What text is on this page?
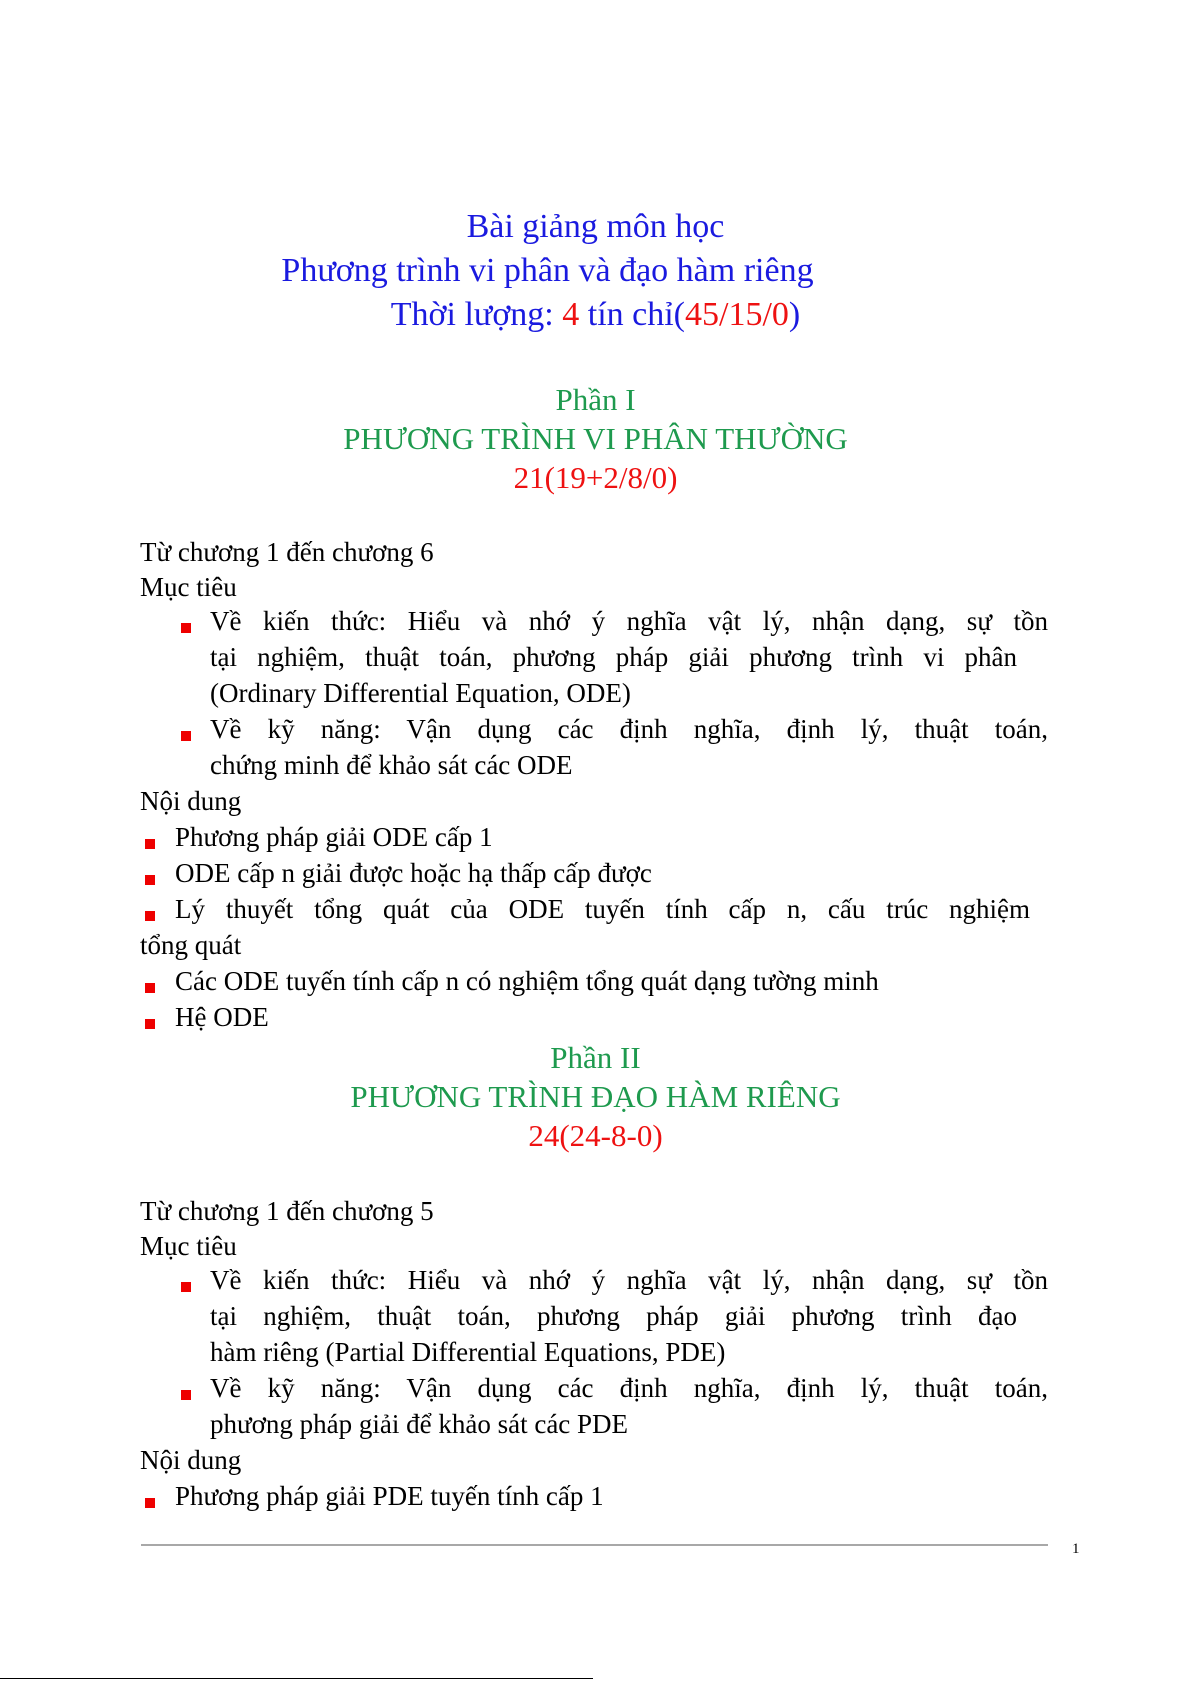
Bài giảng môn học
Phương trình vi phân và đạo hàm riêng
Thời lượng: 4 tín chỉ(45/15/0)
Phần I
PHƯƠNG TRÌNH VI PHÂN THƯỜNG
21(19+2/8/0)
Từ chương 1 đến chương 6
Mục tiêu
Về kiến thức: Hiểu và nhớ ý nghĩa vật lý, nhận dạng, sự tồn
tại nghiệm, thuật toán, phương pháp giải phương trình vi phân
(Ordinary Differential Equation, ODE)
Về kỹ năng: Vận dụng các định nghĩa, định lý, thuật toán,
chứng minh để khảo sát các ODE
Nội dung
Phương pháp giải ODE cấp 1
ODE cấp n giải được hoặc hạ thấp cấp được
Lý thuyết tổng quát của ODE tuyến tính cấp n, cấu trúc nghiệm
tổng quát
Các ODE tuyến tính cấp n có nghiệm tổng quát dạng tường minh
Hệ ODE
Phần II
PHƯƠNG TRÌNH ĐẠO HÀM RIÊNG
24(24-8-0)
Từ chương 1 đến chương 5
Mục tiêu
Về kiến thức: Hiểu và nhớ ý nghĩa vật lý, nhận dạng, sự tồn
tại nghiệm, thuật toán, phương pháp giải phương trình đạo
hàm riêng (Partial Differential Equations, PDE)
Về kỹ năng: Vận dụng các định nghĩa, định lý, thuật toán,
phương pháp giải để khảo sát các PDE
Nội dung
Phương pháp giải PDE tuyến tính cấp 1
1
